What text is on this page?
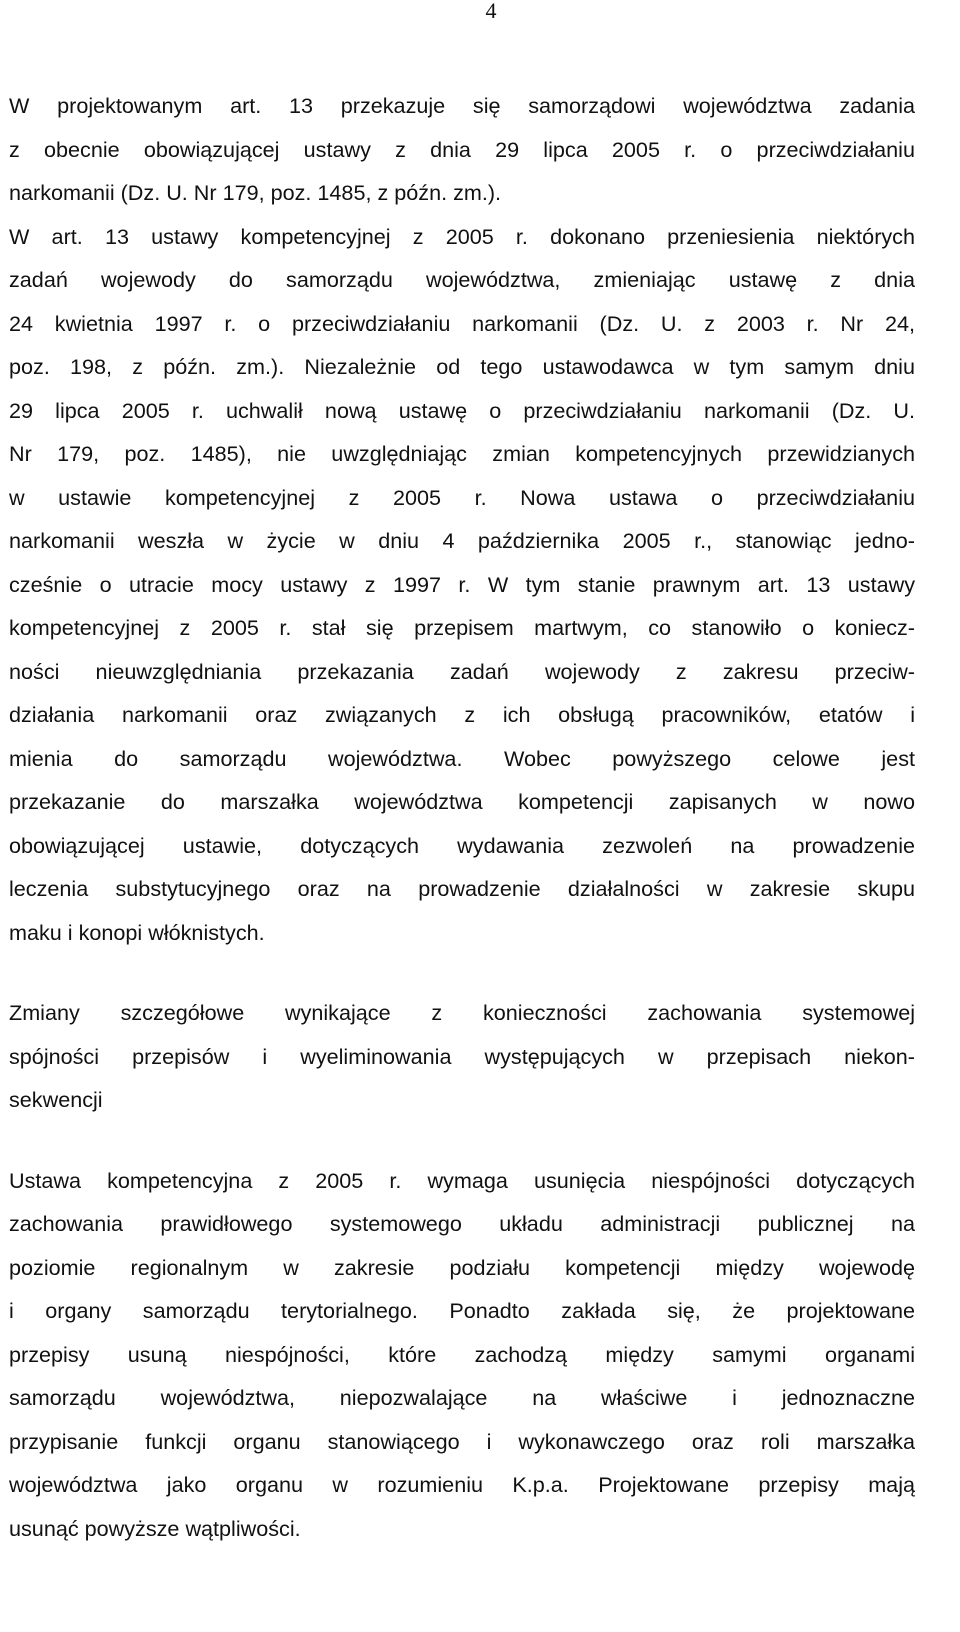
4
W projektowanym art. 13 przekazuje się samorządowi województwa zadania
z obecnie obowiązującej ustawy z dnia 29 lipca 2005 r. o przeciwdziałaniu
narkomanii (Dz. U. Nr 179, poz. 1485, z późn. zm.).
W art. 13 ustawy kompetencyjnej z 2005 r. dokonano przeniesienia niektórych
zadań wojewody do samorządu województwa, zmieniając ustawę z dnia
24 kwietnia 1997 r. o przeciwdziałaniu narkomanii (Dz. U. z 2003 r. Nr 24,
poz. 198, z późn. zm.). Niezależnie od tego ustawodawca w tym samym dniu
29 lipca 2005 r. uchwalił nową ustawę o przeciwdziałaniu narkomanii (Dz. U.
Nr 179, poz. 1485), nie uwzględniając zmian kompetencyjnych przewidzianych
w ustawie kompetencyjnej z 2005 r. Nowa ustawa o przeciwdziałaniu
narkomanii weszła w życie w dniu 4 października 2005 r., stanowiąc jedno-
cześnie o utracie mocy ustawy z 1997 r. W tym stanie prawnym art. 13 ustawy
kompetencyjnej z 2005 r. stał się przepisem martwym, co stanowiło o koniecz-
ności nieuwzględniania przekazania zadań wojewody z zakresu przeciw-
działania narkomanii oraz związanych z ich obsługą pracowników, etatów i
mienia do samorządu województwa. Wobec powyższego celowe jest
przekazanie do marszałka województwa kompetencji zapisanych w nowo
obowiązującej ustawie, dotyczących wydawania zezwoleń na prowadzenie
leczenia substytucyjnego oraz na prowadzenie działalności w zakresie skupu
maku i konopi włóknistych.
Zmiany szczegółowe wynikające z konieczności zachowania systemowej
spójności przepisów i wyeliminowania występujących w przepisach niekon-
sekwencji
Ustawa kompetencyjna z 2005 r. wymaga usunięcia niespójności dotyczących
zachowania prawidłowego systemowego układu administracji publicznej na
poziomie regionalnym w zakresie podziału kompetencji między wojewodę
i organy samorządu terytorialnego. Ponadto zakłada się, że projektowane
przepisy usuną niespójności, które zachodzą między samymi organami
samorządu województwa, niepozwalające na właściwe i jednoznaczne
przypisanie funkcji organu stanowiącego i wykonawczego oraz roli marszałka
województwa jako organu w rozumieniu K.p.a. Projektowane przepisy mają
usunąć powyższe wątpliwości.
